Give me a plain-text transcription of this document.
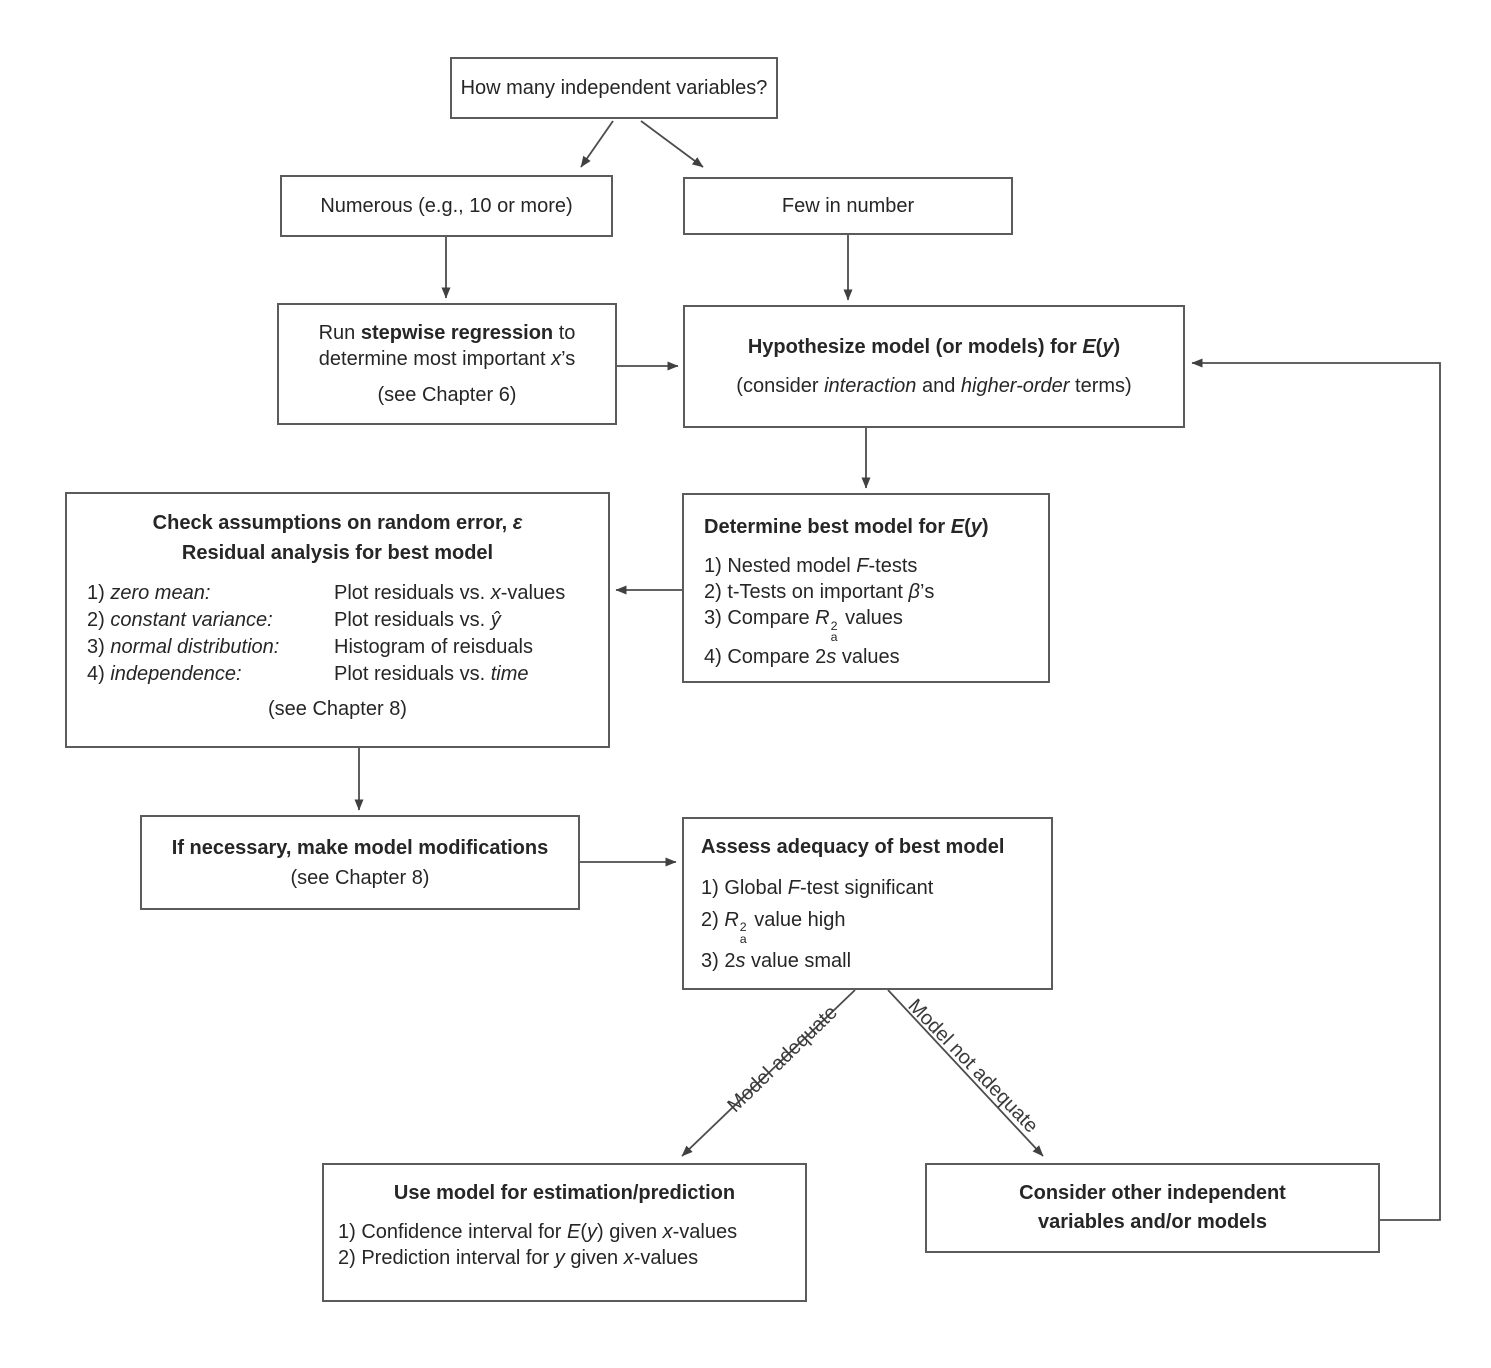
How many independent variables?
Numerous (e.g., 10 or more)	Few in number
Run stepwise regression to
determine most important x’s
(see Chapter 6)
Hypothesize model (or models) for E(y)
(consider interaction and higher-order terms)
Determine best model for E(y)
1) Nested model F-tests
2) t-Tests on important β’s
3) Compare R 2
a
values
4) Compare 2s values
Check assumptions on random error, ε
Residual analysis for best model
1) zero mean:	Plot residuals vs. x-values
2) constant variance:	Plot residuals vs. ŷ
3) normal distribution:	Histogram of reisduals
4) independence:	Plot residuals vs. time
(see Chapter 8)
If necessary, make model modifications
(see Chapter 8)
Assess adequacy of best model
1) Global F-test significant
2) R 2
a
value high
3) 2s value small
Use model for estimation/prediction
1) Confidence interval for E(y) given x-values
2) Prediction interval for y given x-values
Consider other independent
variables and/or models
Model adequate	Model not adequate
